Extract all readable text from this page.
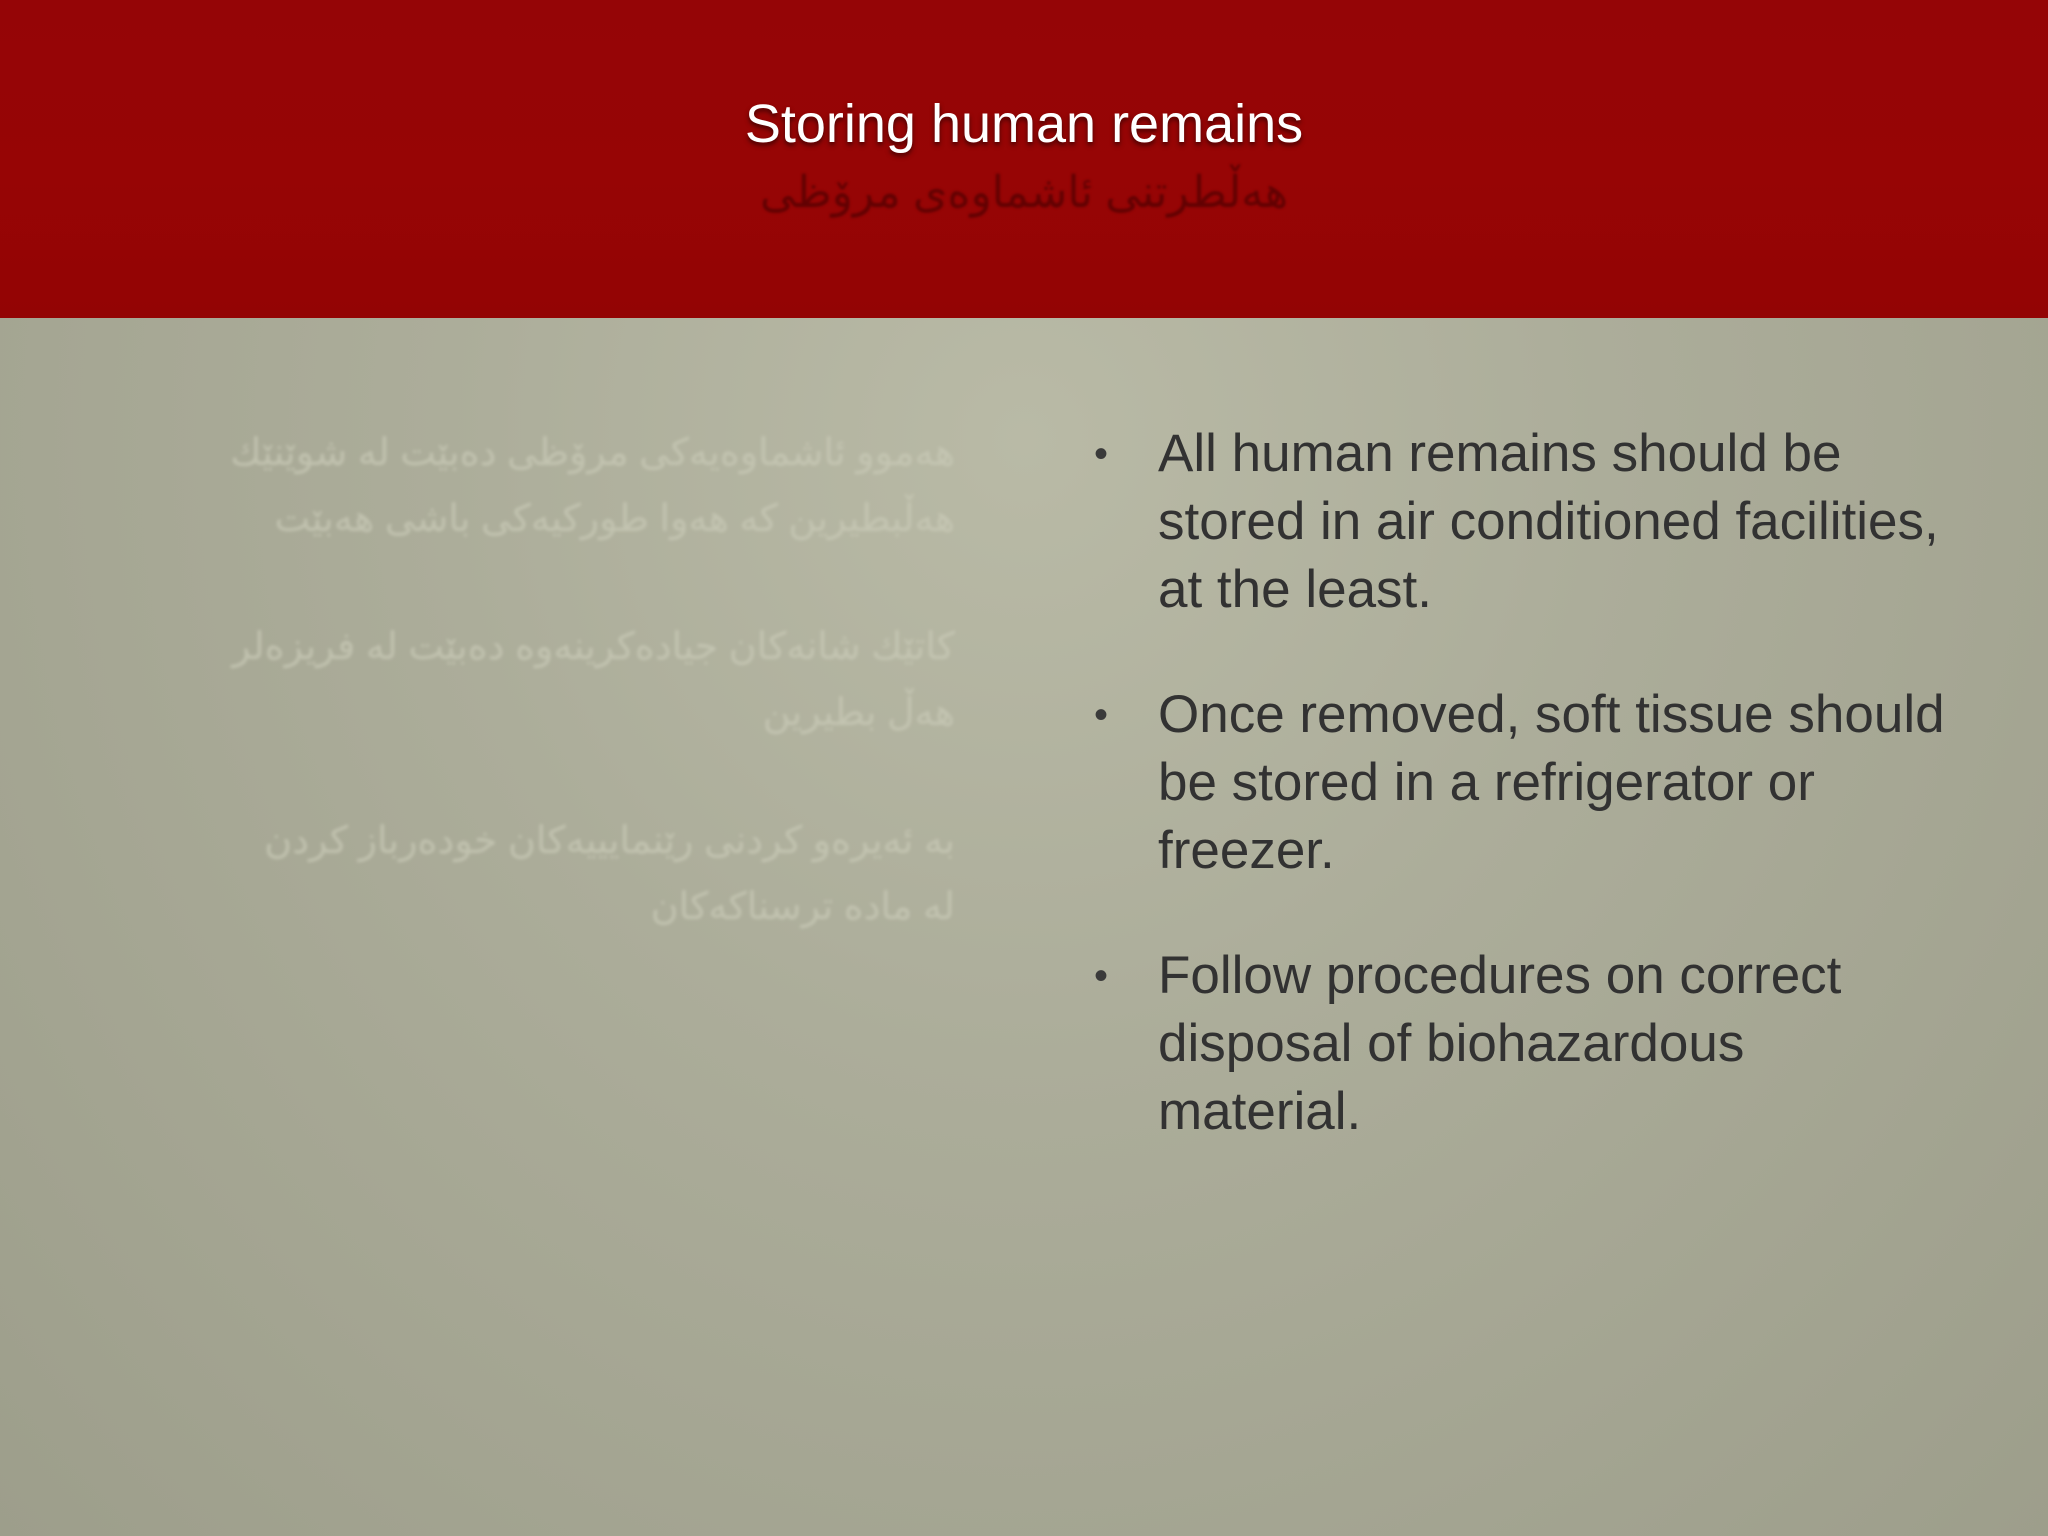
Storing human remains
هەڵطرتنی ئاشماوەی مرۆظی

هەموو ئاشماوەیەکی مرۆظی دەبێت لە شوێنێك هەڵبطیرین کە هەوا طورکیەکی باشی هەبێت

کاتێك شانەکان جیادەکرینەوە دەبێت لە فریزەلر هەڵ بطیرین

بە ئەیرەو کردنی رێنمایییەکان خودەرباز کردن لە مادە ترسناکەکان

• All human remains should be stored in air conditioned facilities, at the least.
• Once removed, soft tissue should be stored in a refrigerator or freezer.
• Follow procedures on correct disposal of biohazardous material.
